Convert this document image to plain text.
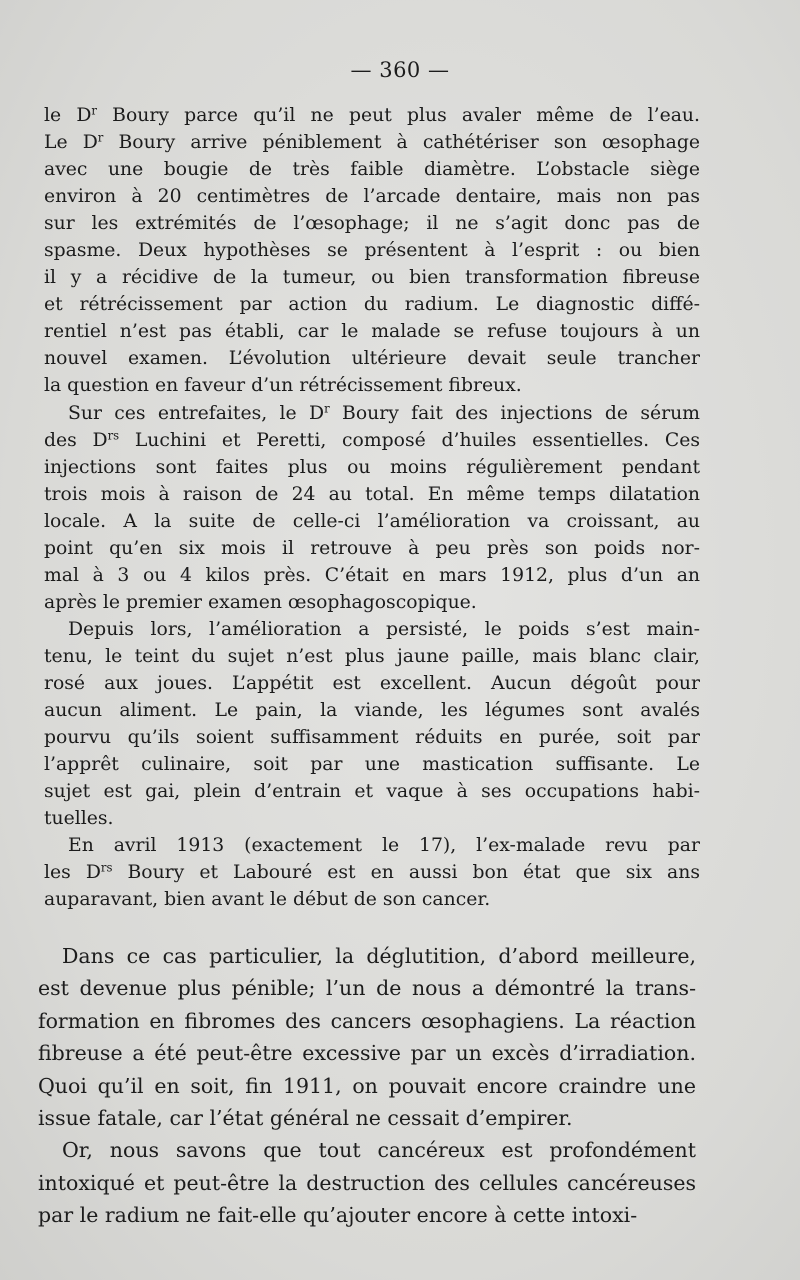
— 360 —
le $D^r$ Boury parce qu’il ne peut plus avaler même de l’eau.
Le $D^r$ Boury arrive péniblement à cathétériser son œsophage
avec une bougie de très faible diamètre. L’obstacle siège
environ à 20 centimètres de l’arcade dentaire, mais non pas
sur les extrémités de l’œsophage; il ne s’agit donc pas de
spasme. Deux hypothèses se présentent à l’esprit : ou bien
il y a récidive de la tumeur, ou bien transformation fibreuse
et rétrécissement par action du radium. Le diagnostic diffé-
rentiel n’est pas établi, car le malade se refuse toujours à un
nouvel examen. L’évolution ultérieure devait seule trancher
la question en faveur d’un rétrécissement fibreux.
Sur ces entrefaites, le $D^r$ Boury fait des injections de sérum
des $D^{rs}$ Luchini et Peretti, composé d’huiles essentielles. Ces
injections sont faites plus ou moins régulièrement pendant
trois mois à raison de 24 au total. En même temps dilatation
locale. A la suite de celle-ci l’amélioration va croissant, au
point qu’en six mois il retrouve à peu près son poids nor-
mal à 3 ou 4 kilos près. C’était en mars 1912, plus d’un an
après le premier examen œsophagoscopique.
Depuis lors, l’amélioration a persisté, le poids s’est main-
tenu, le teint du sujet n’est plus jaune paille, mais blanc clair,
rosé aux joues. L’appétit est excellent. Aucun dégoût pour
aucun aliment. Le pain, la viande, les légumes sont avalés
pourvu qu’ils soient suffisamment réduits en purée, soit par
l’apprêt culinaire, soit par une mastication suffisante. Le
sujet est gai, plein d’entrain et vaque à ses occupations habi-
tuelles.
En avril 1913 (exactement le 17), l’ex-malade revu par
les $D^{rs}$ Boury et Labouré est en aussi bon état que six ans
auparavant, bien avant le début de son cancer.
Dans ce cas particulier, la déglutition, d’abord meilleure,
est devenue plus pénible; l’un de nous a démontré la trans-
formation en fibromes des cancers œsophagiens. La réaction
fibreuse a été peut-être excessive par un excès d’irradiation.
Quoi qu’il en soit, fin 1911, on pouvait encore craindre une
issue fatale, car l’état général ne cessait d’empirer.
Or, nous savons que tout cancéreux est profondément
intoxiqué et peut-être la destruction des cellules cancéreuses
par le radium ne fait-elle qu’ajouter encore à cette intoxi-
